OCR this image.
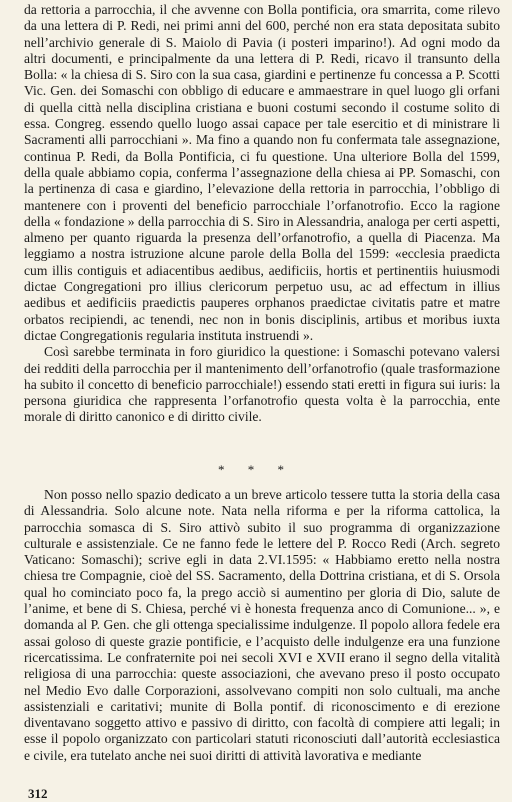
da rettoria a parrocchia, il che avvenne con Bolla pontificia, ora smarrita, come rilevo da una lettera di P. Redi, nei primi anni del 600, perché non era stata depositata subito nell’archivio generale di S. Maiolo di Pavia (i posteri imparino!). Ad ogni modo da altri documenti, e principalmente da una lettera di P. Redi, ricavo il transunto della Bolla: « la chiesa di S. Siro con la sua casa, giardini e pertinenze fu concessa a P. Scotti Vic. Gen. dei Somaschi con obbligo di educare e ammaestrare in quel luogo gli orfani di quella città nella disciplina cristiana e buoni costumi secondo il costume solito di essa. Congreg. essendo quello luogo assai capace per tale esercitio et di ministrare li Sacramenti alli parrocchiani ». Ma fino a quando non fu confermata tale assegnazione, continua P. Redi, da Bolla Pontificia, ci fu questione. Una ulteriore Bolla del 1599, della quale abbiamo copia, conferma l’assegnazione della chiesa ai PP. Somaschi, con la pertinenza di casa e giardino, l’elevazione della rettoria in parrocchia, l’obbligo di mantenere con i proventi del beneficio parrocchiale l’orfanotrofio. Ecco la ragione della « fondazione » della parrocchia di S. Siro in Alessandria, analoga per certi aspetti, almeno per quanto riguarda la presenza dell’orfanotrofio, a quella di Piacenza. Ma leggiamo a nostra istruzione alcune parole della Bolla del 1599: «ecclesia praedicta cum illis contiguis et adiacentibus aedibus, aedificiis, hortis et pertinentiis huiusmodi dictae Congregationi pro illius clericorum perpetuo usu, ac ad effectum in illius aedibus et aedificiis praedictis pauperes orphanos praedictae civitatis patre et matre orbatos recipiendi, ac tenendi, nec non in bonis disciplinis, artibus et moribus iuxta dictae Congregationis regularia instituta instruendi ».

Così sarebbe terminata in foro giuridico la questione: i Somaschi potevano valersi dei redditi della parrocchia per il mantenimento dell’orfanotrofio (quale trasformazione ha subito il concetto di beneficio parrocchiale!) essendo stati eretti in figura sui iuris: la persona giuridica che rappresenta l’orfanotrofio questa volta è la parrocchia, ente morale di diritto canonico e di diritto civile.

* * *

Non posso nello spazio dedicato a un breve articolo tessere tutta la storia della casa di Alessandria. Solo alcune note. Nata nella riforma e per la riforma cattolica, la parrocchia somasca di S. Siro attivò subito il suo programma di organizzazione culturale e assistenziale. Ce ne fanno fede le lettere del P. Rocco Redi (Arch. segreto Vaticano: Somaschi); scrive egli in data 2.VI.1595: « Habbiamo eretto nella nostra chiesa tre Compagnie, cioè del SS. Sacramento, della Dottrina cristiana, et di S. Orsola qual ho cominciato poco fa, la prego acciò si aumentino per gloria di Dio, salute de l’anime, et bene di S. Chiesa, perché vi è honesta frequenza anco di Comunione... », e domanda al P. Gen. che gli ottenga specialissime indulgenze. Il popolo allora fedele era assai goloso di queste grazie pontificie, e l’acquisto delle indulgenze era una funzione ricercatissima. Le confraternite poi nei secoli XVI e XVII erano il segno della vitalità religiosa di una parrocchia: queste associazioni, che avevano preso il posto occupato nel Medio Evo dalle Corporazioni, assolvevano compiti non solo cultuali, ma anche assistenziali e caritativi; munite di Bolla pontif. di riconoscimento e di erezione diventavano soggetto attivo e passivo di diritto, con facoltà di compiere atti legali; in esse il popolo organizzato con particolari statuti riconosciuti dall’autorità ecclesiastica e civile, era tutelato anche nei suoi diritti di attività lavorativa e mediante

312
